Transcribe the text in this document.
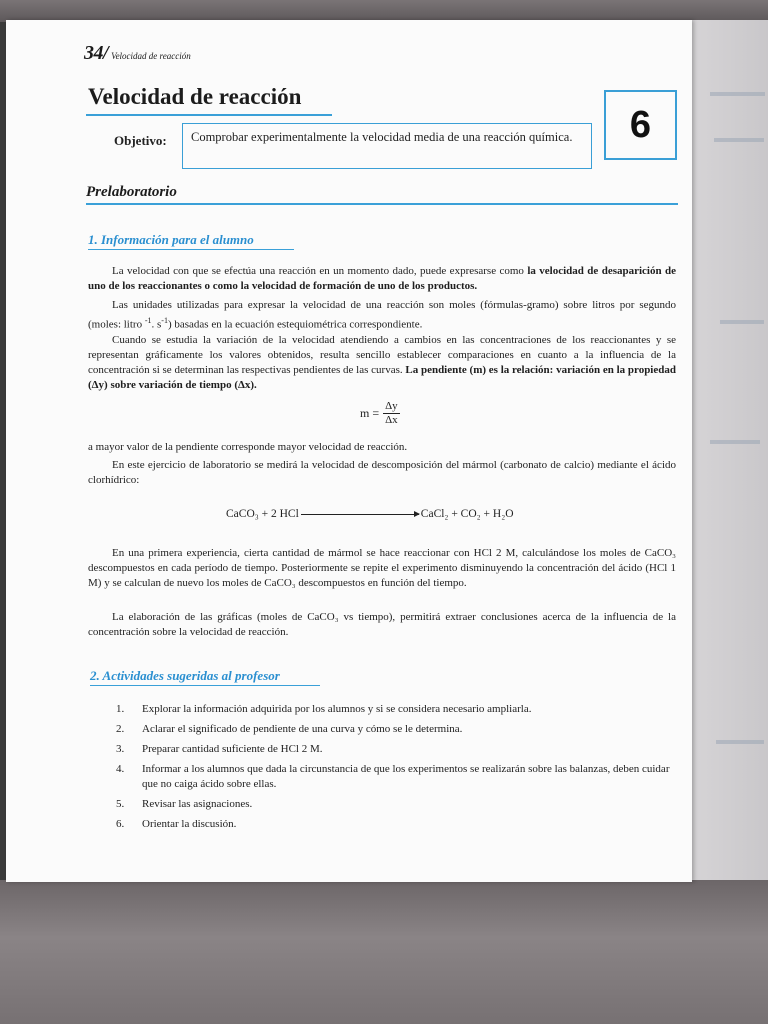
34/ Velocidad de reacción
Velocidad de reacción
6
Objetivo:	Comprobar experimentalmente la velocidad media de una reacción química.
Prelaboratorio
1. Información para el alumno
La velocidad con que se efectúa una reacción en un momento dado, puede expresarse como la velocidad de desaparición de uno de los reaccionantes o como la velocidad de formación de uno de los productos.
Las unidades utilizadas para expresar la velocidad de una reacción son moles (fórmulas-gramo) sobre litros por segundo (moles: litro $^{-1}$. $s^{-1}$) basadas en la ecuación estequiométrica correspondiente.
Cuando se estudia la variación de la velocidad atendiendo a cambios en las concentraciones de los reaccionantes y se representan gráficamente los valores obtenidos, resulta sencillo establecer comparaciones en cuanto a la influencia de la concentración si se determinan las respectivas pendientes de las curvas. La pendiente (m) es la relación: variación en la propiedad (Δy) sobre variación de tiempo (Δx).
$m = \frac{\Delta y}{\Delta x}$
a mayor valor de la pendiente corresponde mayor velocidad de reacción.
En este ejercicio de laboratorio se medirá la velocidad de descomposición del mármol (carbonato de calcio) mediante el ácido clorhídrico:
CaCO₃ + 2 HCl	CaCl₂ + CO₂ + H₂O
En una primera experiencia, cierta cantidad de mármol se hace reaccionar con HCl 2 M, calculándose los moles de CaCO₃ descompuestos en cada período de tiempo. Posteriormente se repite el experimento disminuyendo la concentración del ácido (HCl 1 M) y se calculan de nuevo los moles de CaCO₃ descompuestos en función del tiempo.
La elaboración de las gráficas (moles de CaCO₃ vs tiempo), permitirá extraer conclusiones acerca de la influencia de la concentración sobre la velocidad de reacción.
2. Actividades sugeridas al profesor
1.	Explorar la información adquirida por los alumnos y si se considera necesario ampliarla.
2.	Aclarar el significado de pendiente de una curva y cómo se le determina.
3.	Preparar cantidad suficiente de HCl 2 M.
4.	Informar a los alumnos que dada la circunstancia de que los experimentos se realizarán sobre las balanzas, deben cuidar que no caiga ácido sobre ellas.
5.	Revisar las asignaciones.
6.	Orientar la discusión.
